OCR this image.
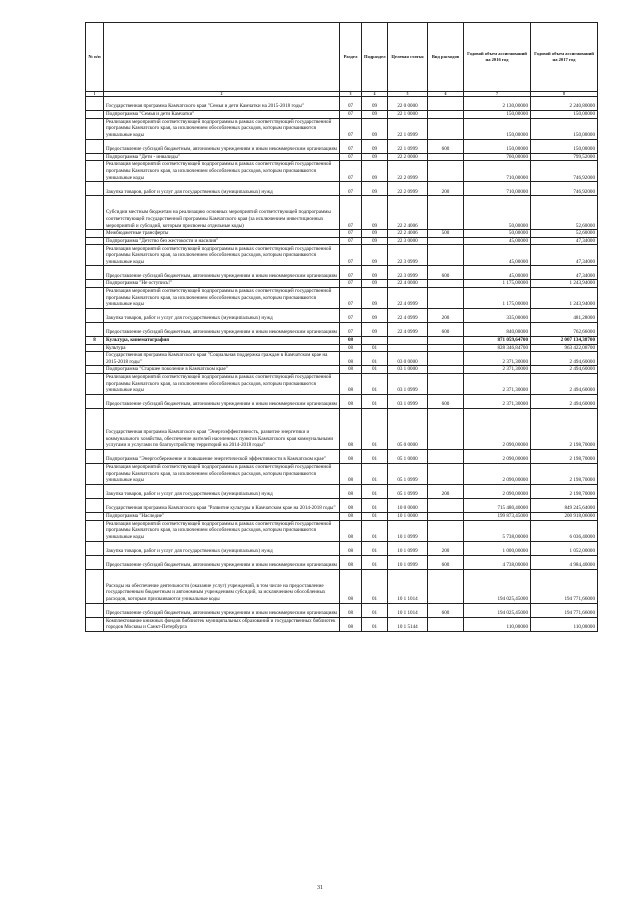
№ п/п		Раздел	Подраздел	Целевая статья	Вид расходов	Годовой объем ассигнований на 2016 год	Годовой объем ассигнований на 2017 год
1	2	3	4	5	6	7	8
	Государственная программа Камчатского края "Семья и дети Камчатки на 2015-2018 годы"	07	09	22 0 0000		2 130,00000	2 240,80000
	Подпрограмма "Семья и дети Камчатки"	07	09	22 1 0000		150,00000	150,00000
	Реализация мероприятий соответствующей подпрограммы в рамках соответствующей государственной программы Камчатского края, за исключением обособленных расходов, которым присваиваются уникальные коды	07	09	22 1 0999		150,00000	150,00000
	Предоставление субсидий бюджетным, автономным учреждениям и иным некоммерческим организациям	07	09	22 1 0999	600	150,00000	150,00000
	Подпрограмма "Дети - инвалиды"	07	09	22 2 0000		760,00000	799,52000
	Реализация мероприятий соответствующей подпрограммы в рамках соответствующей государственной программы Камчатского края, за исключением обособленных расходов, которым присваиваются уникальные коды	07	09	22 2 0999		710,00000	746,92000
	Закупка товаров, работ и услуг для государственных (муниципальных) нужд	07	09	22 2 0999	200	710,00000	746,92000
	Субсидии местным бюджетам на реализацию основных мероприятий соответствующей подпрограммы соответствующей государственной программы Камчатского края (за исключением инвестиционных мероприятий и субсидий, которым присвоены отдельные коды)	07	09	22 2 4006		50,00000	52,60000
	Межбюджетные трансферты	07	09	22 2 4006	500	50,00000	52,60000
	Подпрограмма "Детство без жестокости и насилия"	07	09	22 3 0000		45,00000	47,34000
	Реализация мероприятий соответствующей подпрограммы в рамках соответствующей государственной программы Камчатского края, за исключением обособленных расходов, которым присваиваются уникальные коды	07	09	22 3 0999		45,00000	47,34000
	Предоставление субсидий бюджетным, автономным учреждениям и иным некоммерческим организациям	07	09	22 3 0999	600	45,00000	47,34000
	Подпрограмма "Не оступись!"	07	09	22 4 0000		1 175,00000	1 243,94000
	Реализация мероприятий соответствующей подпрограммы в рамках соответствующей государственной программы Камчатского края, за исключением обособленных расходов, которым присваиваются уникальные коды	07	09	22 4 0999		1 175,00000	1 243,94000
	Закупка товаров, работ и услуг для государственных (муниципальных) нужд	07	09	22 4 0999	200	335,00000	481,28000
	Предоставление субсидий бюджетным, автономным учреждениям и иным некоммерческим организациям	07	09	22 4 0999	600	840,00000	762,66000
8	Культура, кинематография	08				871 059,64700	2 007 134,38700
	Культура	08	01			828 346,84700	963 422,08700
	Государственная программа Камчатского края "Социальная поддержка граждан в Камчатском крае на 2015-2018 годы"	08	01	03 0 0000		2 371,30000	2 494,60000
	Подпрограмма "Старшее поколение в Камчатском крае"	08	01	03 1 0000		2 371,30000	2 494,60000
	Реализация мероприятий соответствующей подпрограммы в рамках соответствующей государственной программы Камчатского края, за исключением обособленных расходов, которым присваиваются уникальные коды	08	01	03 1 0999		2 371,30000	2 494,60000
	Предоставление субсидий бюджетным, автономным учреждениям и иным некоммерческим организациям	08	01	03 1 0999	600	2 371,30000	2 494,60000
	Государственная программа Камчатского края "Энергоэффективность, развитие энергетики и коммунального хозяйства, обеспечение жителей населенных пунктов Камчатского края коммунальными услугами и услугами по благоустройству территорий на 2014-2018 годы"	08	01	05 0 0000		2 090,00000	2 198,70000
	Подпрограмма "Энергосбережение и повышение энергетической эффективности в Камчатском крае"	08	01	05 1 0000		2 090,00000	2 198,70000
	Реализация мероприятий соответствующей подпрограммы в рамках соответствующей государственной программы Камчатского края, за исключением обособленных расходов, которым присваиваются уникальные коды	08	01	05 1 0999		2 090,00000	2 198,70000
	Закупка товаров, работ и услуг для государственных (муниципальных) нужд	08	01	05 1 0999	200	2 090,00000	2 198,70000
	Государственная программа Камчатского края "Развитие культуры в Камчатском крае на 2014-2018 годы"	08	01	10 0 0000		715 480,40000	849 245,64000
	Подпрограмма "Наследие"	08	01	10 1 0000		199 873,45000	200 918,06000
	Реализация мероприятий соответствующей подпрограммы в рамках соответствующей государственной программы Камчатского края, за исключением обособленных расходов, которым присваиваются уникальные коды	08	01	10 1 0999		5 738,00000	6 036,40000
	Закупка товаров, работ и услуг для государственных (муниципальных) нужд	08	01	10 1 0999	200	1 000,00000	1 052,00000
	Предоставление субсидий бюджетным, автономным учреждениям и иным некоммерческим организациям	08	01	10 1 0999	600	4 738,00000	4 984,40000
	Расходы на обеспечение деятельности (оказание услуг) учреждений, в том числе на предоставление государственным бюджетным и автономным учреждениям субсидий, за исключением обособленных расходов, которым присваиваются уникальные коды	08	01	10 1 1014		194 025,45000	194 771,66000
	Предоставление субсидий бюджетным, автономным учреждениям и иным некоммерческим организациям	08	01	10 1 1014	600	194 025,45000	194 771,66000
	Комплектование книжных фондов библиотек муниципальных образований и государственных библиотек городов Москвы и Санкт-Петербурга	08	01	10 1 5144		110,00000	110,00000
31
